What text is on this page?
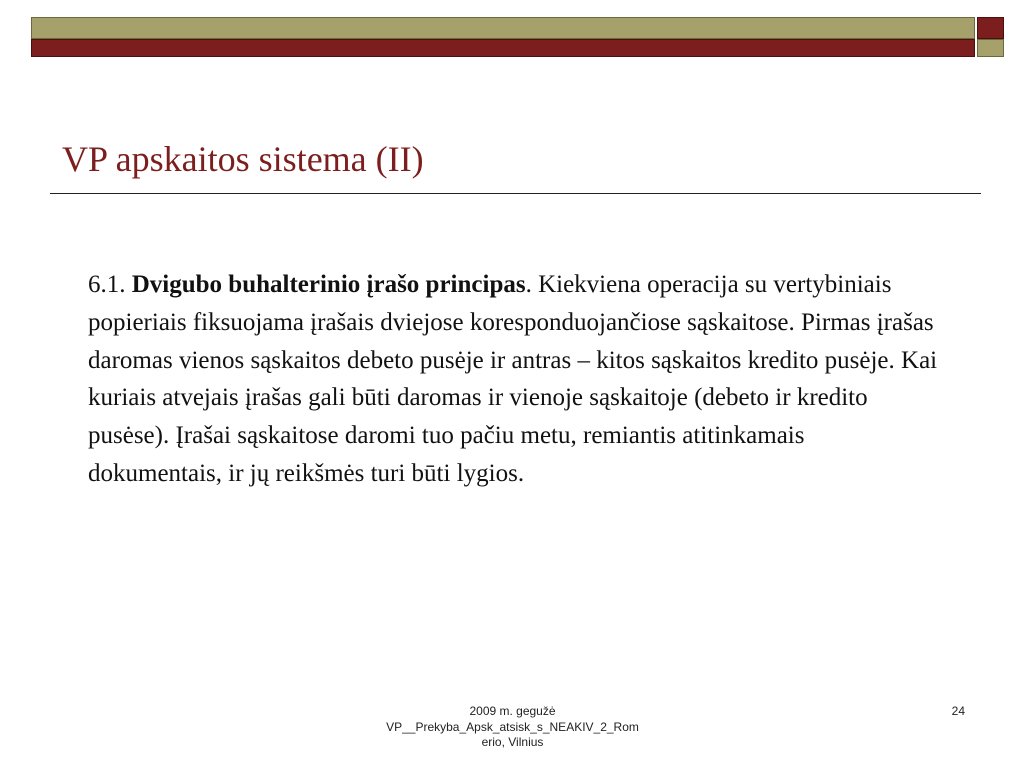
VP apskaitos sistema (II)

6.1. Dvigubo buhalterinio įrašo principas. Kiekviena operacija su vertybiniais popieriais fiksuojama įrašais dviejose koresponduojančiose sąskaitose. Pirmas įrašas daromas vienos sąskaitos debeto pusėje ir antras – kitos sąskaitos kredito pusėje. Kai kuriais atvejais įrašas gali būti daromas ir vienoje sąskaitoje (debeto ir kredito pusėse). Įrašai sąskaitose daromi tuo pačiu metu, remiantis atitinkamais dokumentais, ir jų reikšmės turi būti lygios.

2009 m. gegužė
VP__Prekyba_Apsk_atsisk_s_NEAKIV_2_Rom
erio, Vilnius
24
